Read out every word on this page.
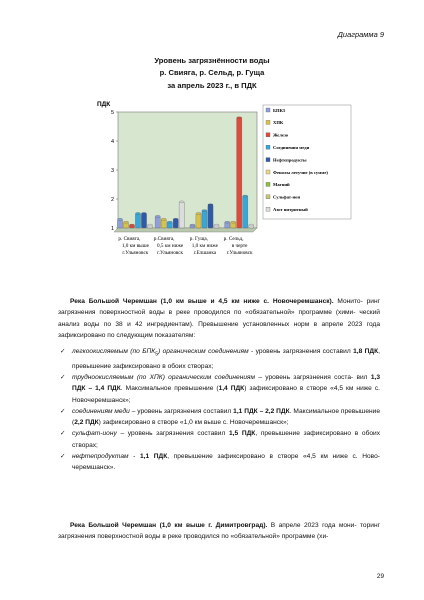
Диаграмма 9
Уровень загрязнённости воды
р. Свияга, р. Сельд, р. Гуща
за апрель 2023 г., в ПДК
ПДК
1
2
3
4
5
р. Свияга,
1,0 км выше
г.Ульяновск
р.Свияга,
0,5 км ниже
г.Ульяновск
р. Гуща,
1,0 км ниже
г.Елшанка
р. Сельд,
в черте
г.Ульяновск
БПК5
ХПК
Железо
Соединения меди
Нефтепродукты
Фенолы летучие (в сумме)
Магний
Сульфат-ион
Азот нитритный
Река Большой Черемшан (1,0 км выше и 4,5 км ниже с. Новочеремшанск). Монито- ринг загрязнения поверхностной воды в реке проводился по «обязательной» программе (хими- ческий анализ воды по 38 и 42 ингредиентам). Превышение установленных норм в апреле 2023 года зафиксировано по следующим показателям:
✓ легкоокисляемым (по $БПК_5$) органическим соединениям - уровень загрязнения составил 1,8 ПДК, превышение зафиксировано в обоих створах;
✓ трудноокисляемым (по ХПК) органическим соединениям – уровень загрязнения соста- вил 1,3 ПДК – 1,4 ПДК. Максимальное превышение (1,4 ПДК) зафиксировано в створе «4,5 км ниже с. Новочеремшанск»;
✓ соединениям меди – уровень загрязнения составил 1,1 ПДК – 2,2 ПДК. Максимальное превышение (2,2 ПДК) зафиксировано в створе «1,0 км выше с. Новочеремшанск»;
✓ сульфат-иону – уровень загрязнения составил 1,5 ПДК, превышение зафиксировано в обоих створах;
✓ нефтепродуктам - 1,1 ПДК, превышение зафиксировано в створе «4,5 км ниже с. Ново- черемшанск».
Река Большой Черемшан (1,0 км выше г. Димитровград). В апреле 2023 года мони- торинг загрязнения поверхностной воды в реке проводился по «обязательной» программе (хи-
29
